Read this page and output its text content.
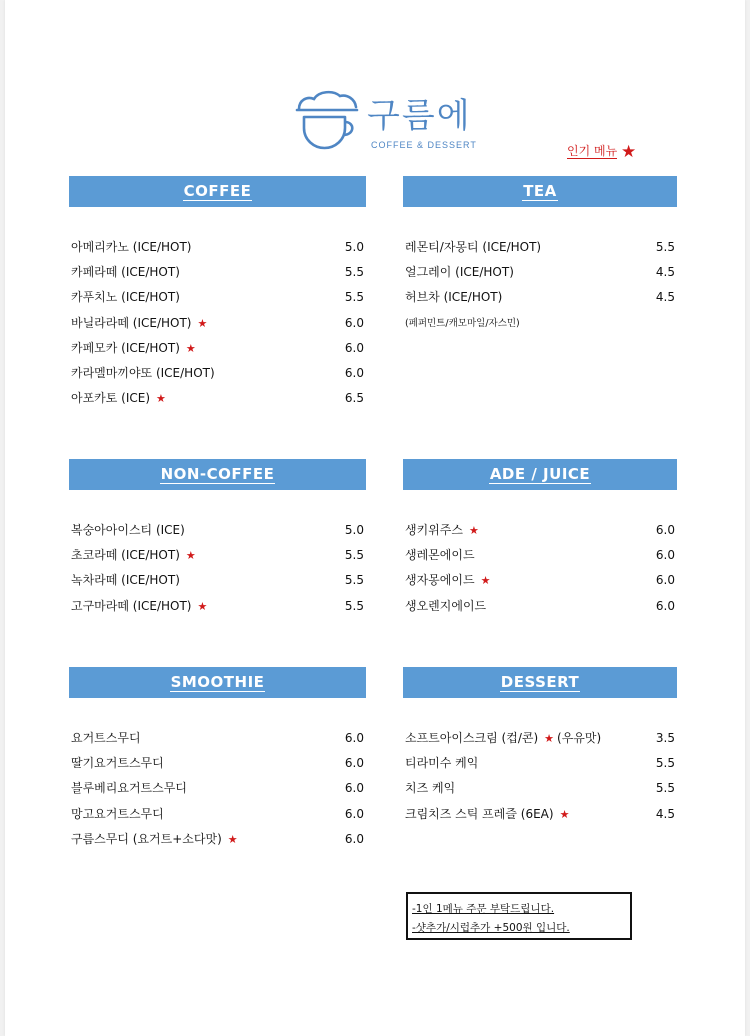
구름에
COFFEE & DESSERT	인기 메뉴 ★
COFFEE
아메리카노 (ICE/HOT)	5.0
카페라떼 (ICE/HOT)	5.5
카푸치노 (ICE/HOT)	5.5
바닐라라떼 (ICE/HOT) ★	6.0
카페모카 (ICE/HOT) ★	6.0
카라멜마끼야또 (ICE/HOT)	6.0
아포카토 (ICE) ★	6.5
TEA
레몬티/자몽티 (ICE/HOT)	5.5
얼그레이 (ICE/HOT)	4.5
허브차 (ICE/HOT)	4.5
(페퍼민트/캐모마일/자스민)
NON-COFFEE
복숭아아이스티 (ICE)	5.0
초코라떼 (ICE/HOT) ★	5.5
녹차라떼 (ICE/HOT)	5.5
고구마라떼 (ICE/HOT) ★	5.5
ADE / JUICE
생키위주스 ★	6.0
생레몬에이드	6.0
생자몽에이드 ★	6.0
생오렌지에이드	6.0
SMOOTHIE
요거트스무디	6.0
딸기요거트스무디	6.0
블루베리요거트스무디	6.0
망고요거트스무디	6.0
구름스무디 (요거트+소다맛) ★	6.0
DESSERT
소프트아이스크림 (컵/콘) ★ (우유맛)	3.5
티라미수 케익	5.5
치즈 케익	5.5
크림치즈 스틱 프레즐 (6EA) ★	4.5
-1인 1메뉴 주문 부탁드립니다.
-샷추가/시럽추가 +500원 입니다.
